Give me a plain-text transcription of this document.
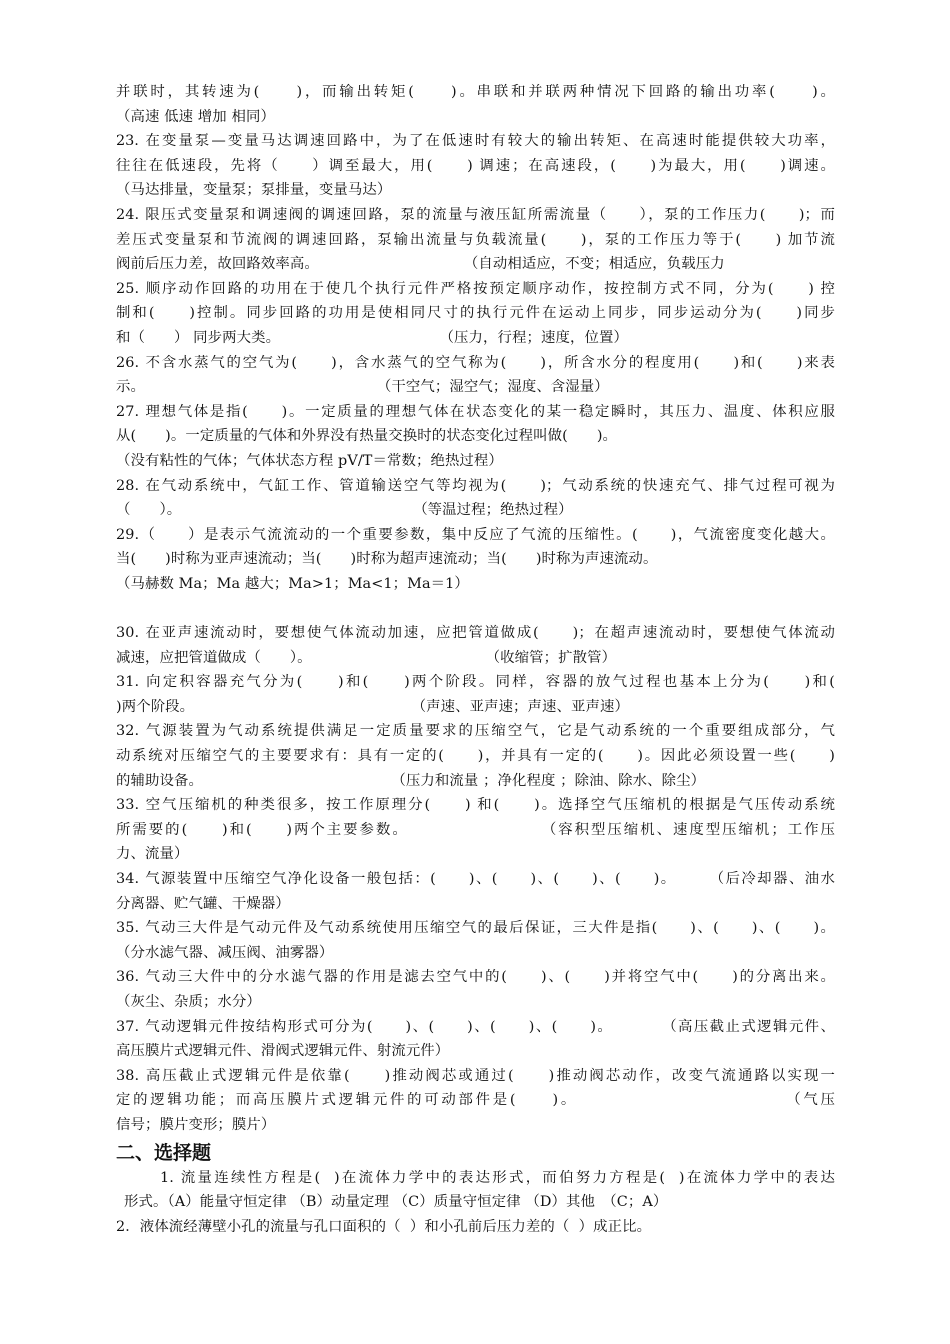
并联时，其转速为(　　)，而输出转矩(　　)。串联和并联两种情况下回路的输出功率(　　)。
（高速 低速 增加 相同）
23. 在变量泵—变量马达调速回路中，为了在低速时有较大的输出转矩、在高速时能提供较大功率，
往往在低速段，先将（　　）调至最大，用(　　) 调速；在高速段，(　　)为最大，用(　　)调速。
（马达排量，变量泵；泵排量，变量马达）
24. 限压式变量泵和调速阀的调速回路，泵的流量与液压缸所需流量（　　），泵的工作压力(　　)；而
差压式变量泵和节流阀的调速回路，泵输出流量与负载流量(　　)，泵的工作压力等于(　　) 加节流
阀前后压力差，故回路效率高。　　　　　　　　　　　（自动相适应，不变；相适应，负载压力
25. 顺序动作回路的功用在于使几个执行元件严格按预定顺序动作，按控制方式不同，分为(　　) 控
制和(　　)控制。同步回路的功用是使相同尺寸的执行元件在运动上同步，同步运动分为(　　)同步
和（　　） 同步两大类。　　　　　　　　　　　　（压力，行程；速度，位置）
26. 不含水蒸气的空气为(　　)，含水蒸气的空气称为(　　)，所含水分的程度用(　　)和(　　)来表
示。　　　　　　　　　　　　　　　　　（干空气；湿空气；湿度、含湿量）
27. 理想气体是指(　　)。一定质量的理想气体在状态变化的某一稳定瞬时，其压力、温度、体积应服
从(　　)。一定质量的气体和外界没有热量交换时的状态变化过程叫做(　　)。
（没有粘性的气体；气体状态方程 pV/T＝常数；绝热过程）
28. 在气动系统中，气缸工作、管道输送空气等均视为(　　)；气动系统的快速充气、排气过程可视为
（　　）。　　　　　　　　　　　　　　　　　（等温过程；绝热过程）
29.（　　）是表示气流流动的一个重要参数，集中反应了气流的压缩性。(　　)，气流密度变化越大。
当(　　)时称为亚声速流动；当(　　)时称为超声速流动；当(　　)时称为声速流动。
（马赫数 Ma；Ma 越大；Ma>1；Ma<1；Ma＝1）
30. 在亚声速流动时，要想使气体流动加速，应把管道做成(　　)；在超声速流动时，要想使气体流动
减速，应把管道做成（　　）。　　　　　　　　　　　　　（收缩管；扩散管）
31. 向定积容器充气分为(　　)和(　　)两个阶段。同样，容器的放气过程也基本上分为(　　)和(
)两个阶段。　　　　　　　　　　　　　　　　（声速、亚声速；声速、亚声速）
32. 气源装置为气动系统提供满足一定质量要求的压缩空气，它是气动系统的一个重要组成部分，气
动系统对压缩空气的主要要求有：具有一定的(　　)，并具有一定的(　　)。因此必须设置一些(　　)
的辅助设备。　　　　　　　　　　　　　　（压力和流量 ；净化程度 ；除油、除水、除尘）
33. 空气压缩机的种类很多，按工作原理分(　　) 和(　　)。选择空气压缩机的根据是气压传动系统
所需要的(　　)和(　　)两个主要参数。　　　　　　　　　（容积型压缩机、速度型压缩机；工作压
力、流量）
34. 气源装置中压缩空气净化设备一般包括：(　　)、(　　)、(　　)、(　　)。　　　（后冷却器、油水
分离器、贮气罐、干燥器）
35. 气动三大件是气动元件及气动系统使用压缩空气的最后保证，三大件是指(　　)、(　　)、(　　)。
（分水滤气器、减压阀、油雾器）
36. 气动三大件中的分水滤气器的作用是滤去空气中的(　　)、(　　)并将空气中(　　)的分离出来。
（灰尘、杂质；水分）
37. 气动逻辑元件按结构形式可分为(　　)、(　　)、(　　)、(　　)。　　　　（高压截止式逻辑元件、
高压膜片式逻辑元件、滑阀式逻辑元件、射流元件）
38. 高压截止式逻辑元件是依靠(　　)推动阀芯或通过(　　)推动阀芯动作，改变气流通路以实现一
定的逻辑功能；而高压膜片式逻辑元件的可动部件是(　　)。　　　　　　　　　　　　　（气压
信号；膜片变形；膜片）
二、选择题
1. 流量连续性方程是(  )在流体力学中的表达形式，而伯努力方程是(  )在流体力学中的表达
形式。（A）能量守恒定律 （B）动量定理 （C）质量守恒定律 （D）其他　（C；A）
2．液体流经薄壁小孔的流量与孔口面积的（  ）和小孔前后压力差的（  ）成正比。
